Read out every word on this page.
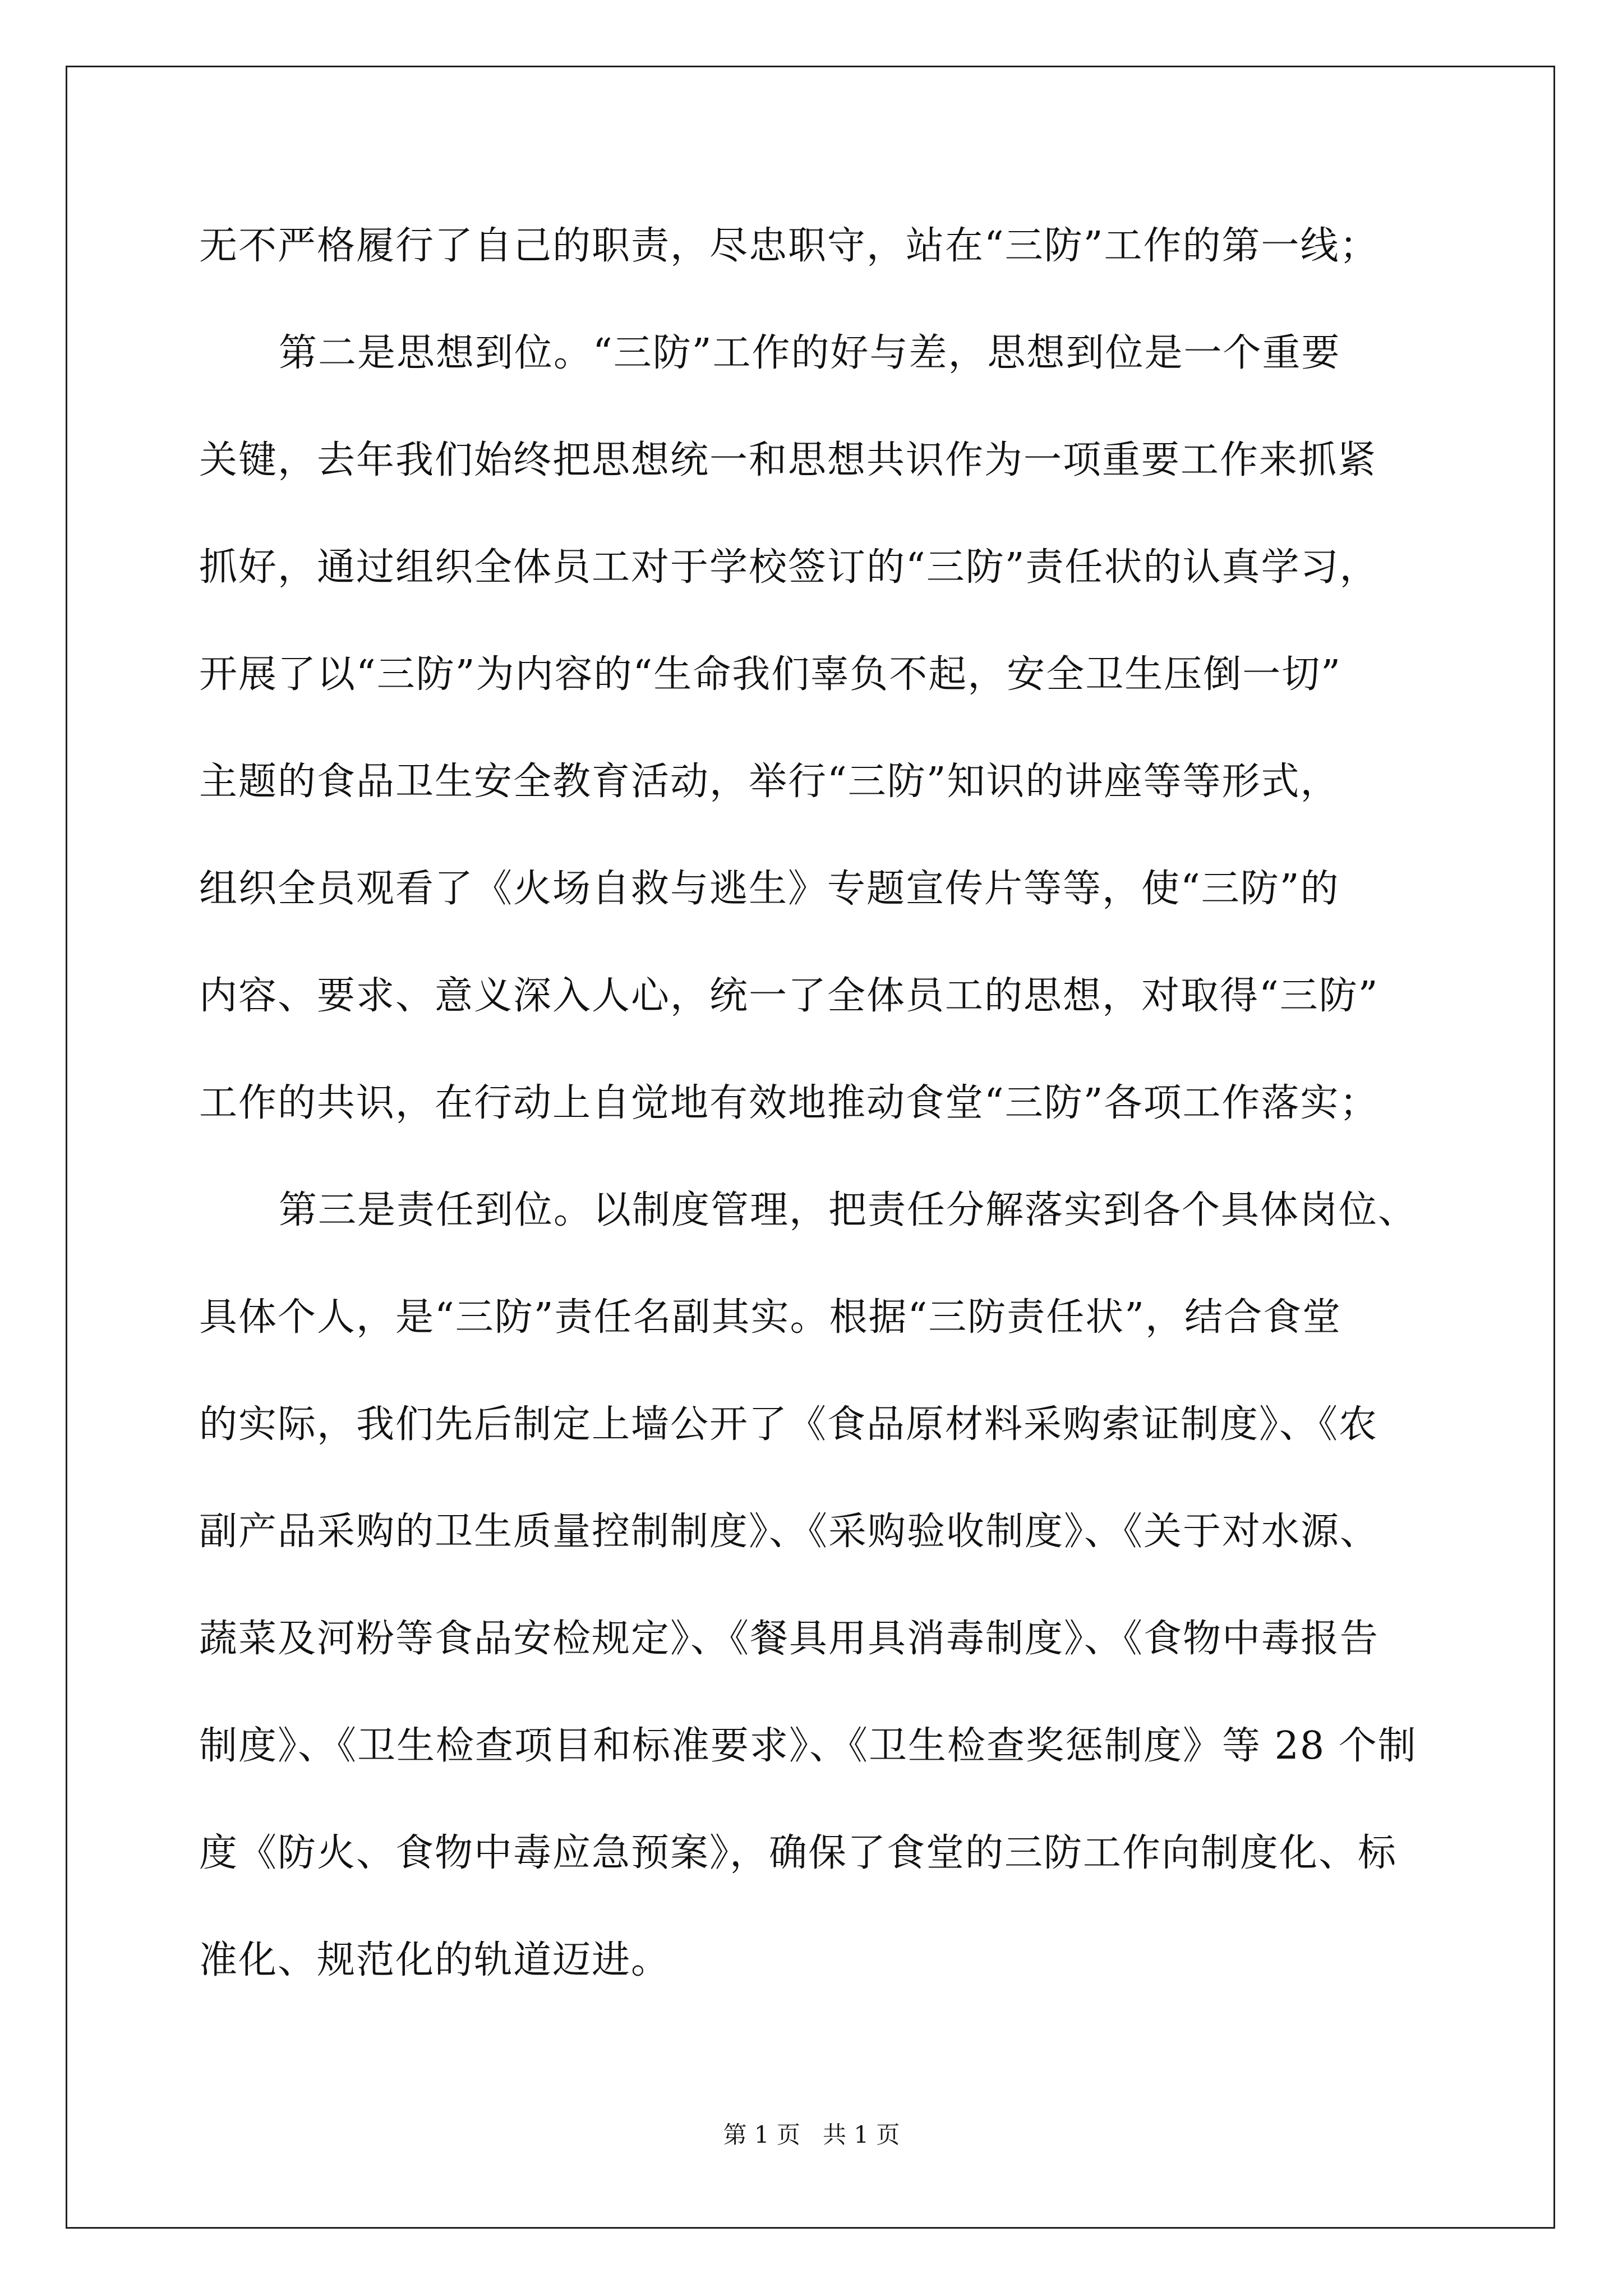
无不严格履行了自己的职责，尽忠职守，站在“三防”工作的第一线；
第二是思想到位。“三防”工作的好与差，思想到位是一个重要
关键，去年我们始终把思想统一和思想共识作为一项重要工作来抓紧
抓好，通过组织全体员工对于学校签订的“三防”责任状的认真学习，
开展了以“三防”为内容的“生命我们辜负不起，安全卫生压倒一切”
主题的食品卫生安全教育活动，举行“三防”知识的讲座等等形式，
组织全员观看了《火场自救与逃生》专题宣传片等等，使“三防”的
内容、要求、意义深入人心，统一了全体员工的思想，对取得“三防”
工作的共识，在行动上自觉地有效地推动食堂“三防”各项工作落实；
第三是责任到位。以制度管理，把责任分解落实到各个具体岗位、
具体个人，是“三防”责任名副其实。根据“三防责任状”，结合食堂
的实际，我们先后制定上墙公开了《食品原材料采购索证制度》、《农
副产品采购的卫生质量控制制度》、《采购验收制度》、《关于对水源、
蔬菜及河粉等食品安检规定》、《餐具用具消毒制度》、《食物中毒报告
制度》、《卫生检查项目和标准要求》、《卫生检查奖惩制度》等 28 个制
度《防火、食物中毒应急预案》，确保了食堂的三防工作向制度化、标
准化、规范化的轨道迈进。
第 1 页 共 1 页
